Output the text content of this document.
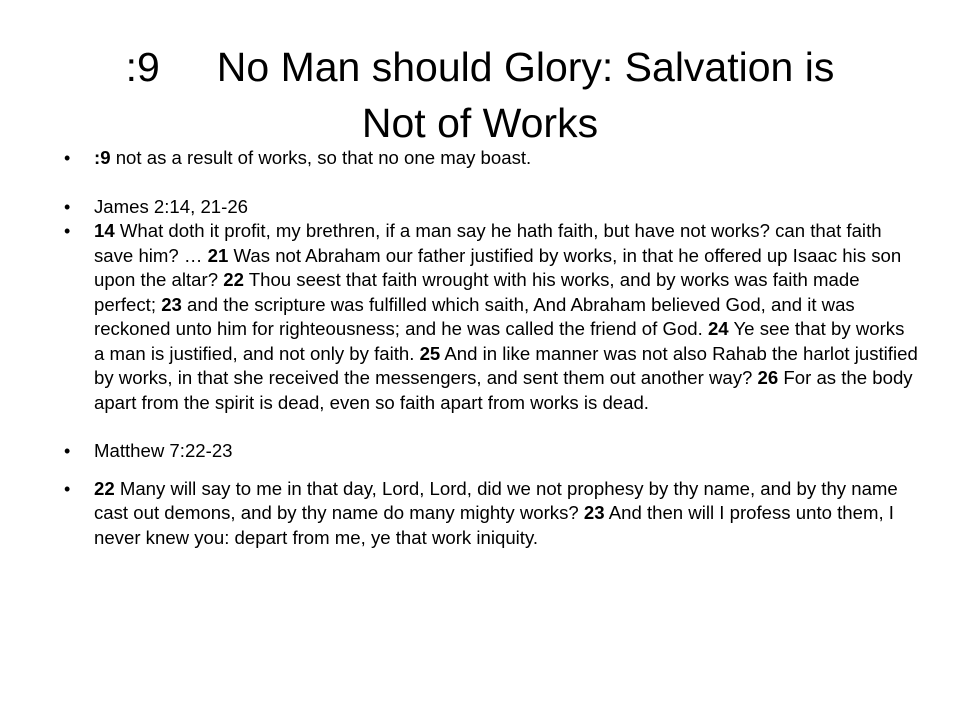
:9	No Man should Glory: Salvation is
Not of Works
• :9 not as a result of works, so that no one may boast.
• James 2:14, 21-26
• 14 What doth it profit, my brethren, if a man say he hath faith, but have not works? can that faith save him? … 21 Was not Abraham our father justified by works, in that he offered up Isaac his son upon the altar? 22 Thou seest that faith wrought with his works, and by works was faith made perfect; 23 and the scripture was fulfilled which saith, And Abraham believed God, and it was reckoned unto him for righteousness; and he was called the friend of God. 24 Ye see that by works a man is justified, and not only by faith. 25 And in like manner was not also Rahab the harlot justified by works, in that she received the messengers, and sent them out another way? 26 For as the body apart from the spirit is dead, even so faith apart from works is dead.
• Matthew 7:22-23
• 22 Many will say to me in that day, Lord, Lord, did we not prophesy by thy name, and by thy name cast out demons, and by thy name do many mighty works? 23 And then will I profess unto them, I never knew you: depart from me, ye that work iniquity.
